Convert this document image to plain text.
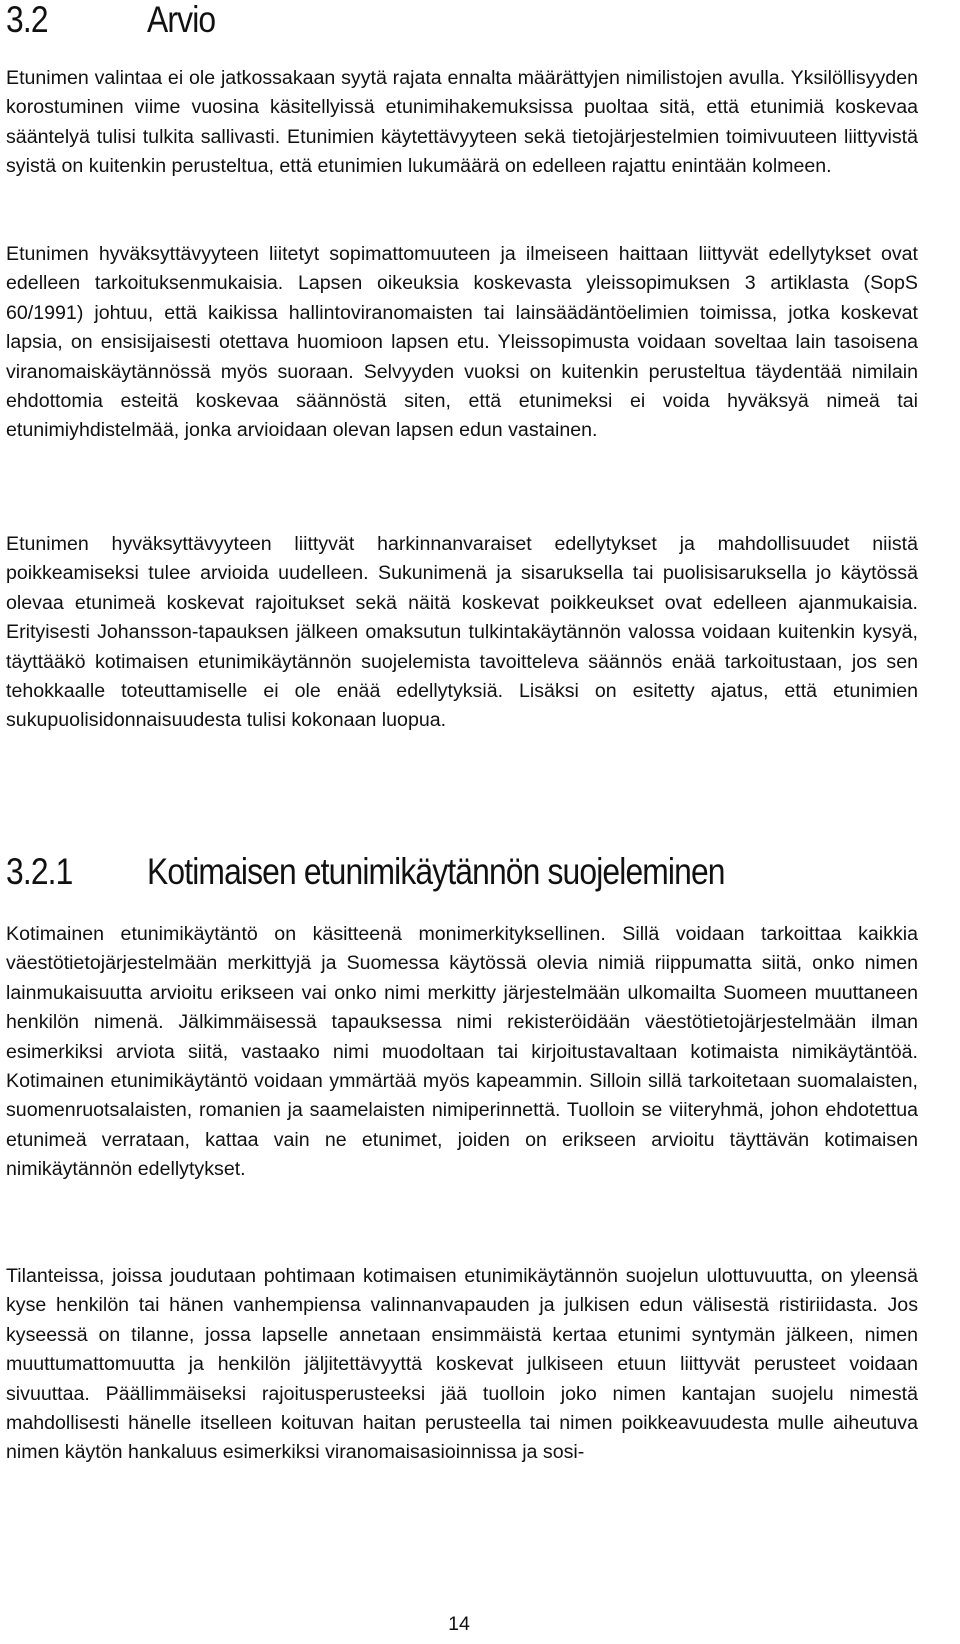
3.2	Arvio
Etunimen valintaa ei ole jatkossakaan syytä rajata ennalta määrättyjen nimilistojen avulla. Yksilöllisyyden korostuminen viime vuosina käsitellyissä etunimihakemuksissa puoltaa sitä, että etunimiä koskevaa sääntelyä tulisi tulkita sallivasti. Etunimien käytettävyyteen sekä tietojärjestelmien toimivuuteen liittyvistä syistä on kuitenkin perusteltua, että etunimien lukumäärä on edelleen rajattu enintään kolmeen.
Etunimen hyväksyttävyyteen liitetyt sopimattomuuteen ja ilmeiseen haittaan liittyvät edellytykset ovat edelleen tarkoituksenmukaisia. Lapsen oikeuksia koskevasta yleissopimuksen 3 artiklasta (SopS 60/1991) johtuu, että kaikissa hallintoviranomaisten tai lainsäädäntöelimien toimissa, jotka koskevat lapsia, on ensisijaisesti otettava huomioon lapsen etu. Yleissopimusta voidaan soveltaa lain tasoisena viranomaiskäytännössä myös suoraan. Selvyyden vuoksi on kuitenkin perusteltua täydentää nimilain ehdottomia esteitä koskevaa säännöstä siten, että etunimeksi ei voida hyväksyä nimeä tai etunimiyhdistelmää, jonka arvioidaan olevan lapsen edun vastainen.
Etunimen hyväksyttävyyteen liittyvät harkinnanvaraiset edellytykset ja mahdollisuudet niistä poikkeamiseksi tulee arvioida uudelleen. Sukunimenä ja sisaruksella tai puolisisaruksella jo käytössä olevaa etunimeä koskevat rajoitukset sekä näitä koskevat poikkeukset ovat edelleen ajanmukaisia. Erityisesti Johansson-tapauksen jälkeen omaksutun tulkintakäytännön valossa voidaan kuitenkin kysyä, täyttääkö kotimaisen etunimikäytännön suojelemista tavoitteleva säännös enää tarkoitustaan, jos sen tehokkaalle toteuttamiselle ei ole enää edellytyksiä. Lisäksi on esitetty ajatus, että etunimien sukupuolisidonnaisuudesta tulisi kokonaan luopua.
3.2.1 Kotimaisen etunimikäytännön suojeleminen
Kotimainen etunimikäytäntö on käsitteenä monimerkityksellinen. Sillä voidaan tarkoittaa kaikkia väestötietojärjestelmään merkittyjä ja Suomessa käytössä olevia nimiä riippumatta siitä, onko nimen lainmukaisuutta arvioitu erikseen vai onko nimi merkitty järjestelmään ulkomailta Suomeen muuttaneen henkilön nimenä. Jälkimmäisessä tapauksessa nimi rekisteröidään väestötietojärjestelmään ilman esimerkiksi arviota siitä, vastaako nimi muodoltaan tai kirjoitustavaltaan kotimaista nimikäytäntöä. Kotimainen etunimikäytäntö voidaan ymmärtää myös kapeammin. Silloin sillä tarkoitetaan suomalaisten, suomenruotsalaisten, romanien ja saamelaisten nimiperinnettä. Tuolloin se viiteryhmä, johon ehdotettua etunimeä verrataan, kattaa vain ne etunimet, joiden on erikseen arvioitu täyttävän kotimaisen nimikäytännön edellytykset.
Tilanteissa, joissa joudutaan pohtimaan kotimaisen etunimikäytännön suojelun ulottuvuutta, on yleensä kyse henkilön tai hänen vanhempiensa valinnanvapauden ja julkisen edun välisestä ristiriidasta. Jos kyseessä on tilanne, jossa lapselle annetaan ensimmäistä kertaa etunimi syntymän jälkeen, nimen muuttumattomuutta ja henkilön jäljitettävyyttä koskevat julkiseen etuun liittyvät perusteet voidaan sivuuttaa. Päällimmäiseksi rajoitusperusteeksi jää tuolloin joko nimen kantajan suojelu nimestä mahdollisesti hänelle itselleen koituvan haitan perusteella tai nimen poikkeavuudesta mulle aiheutuva nimen käytön hankaluus esimerkiksi viranomaisasioinnissa ja sosi-
14
